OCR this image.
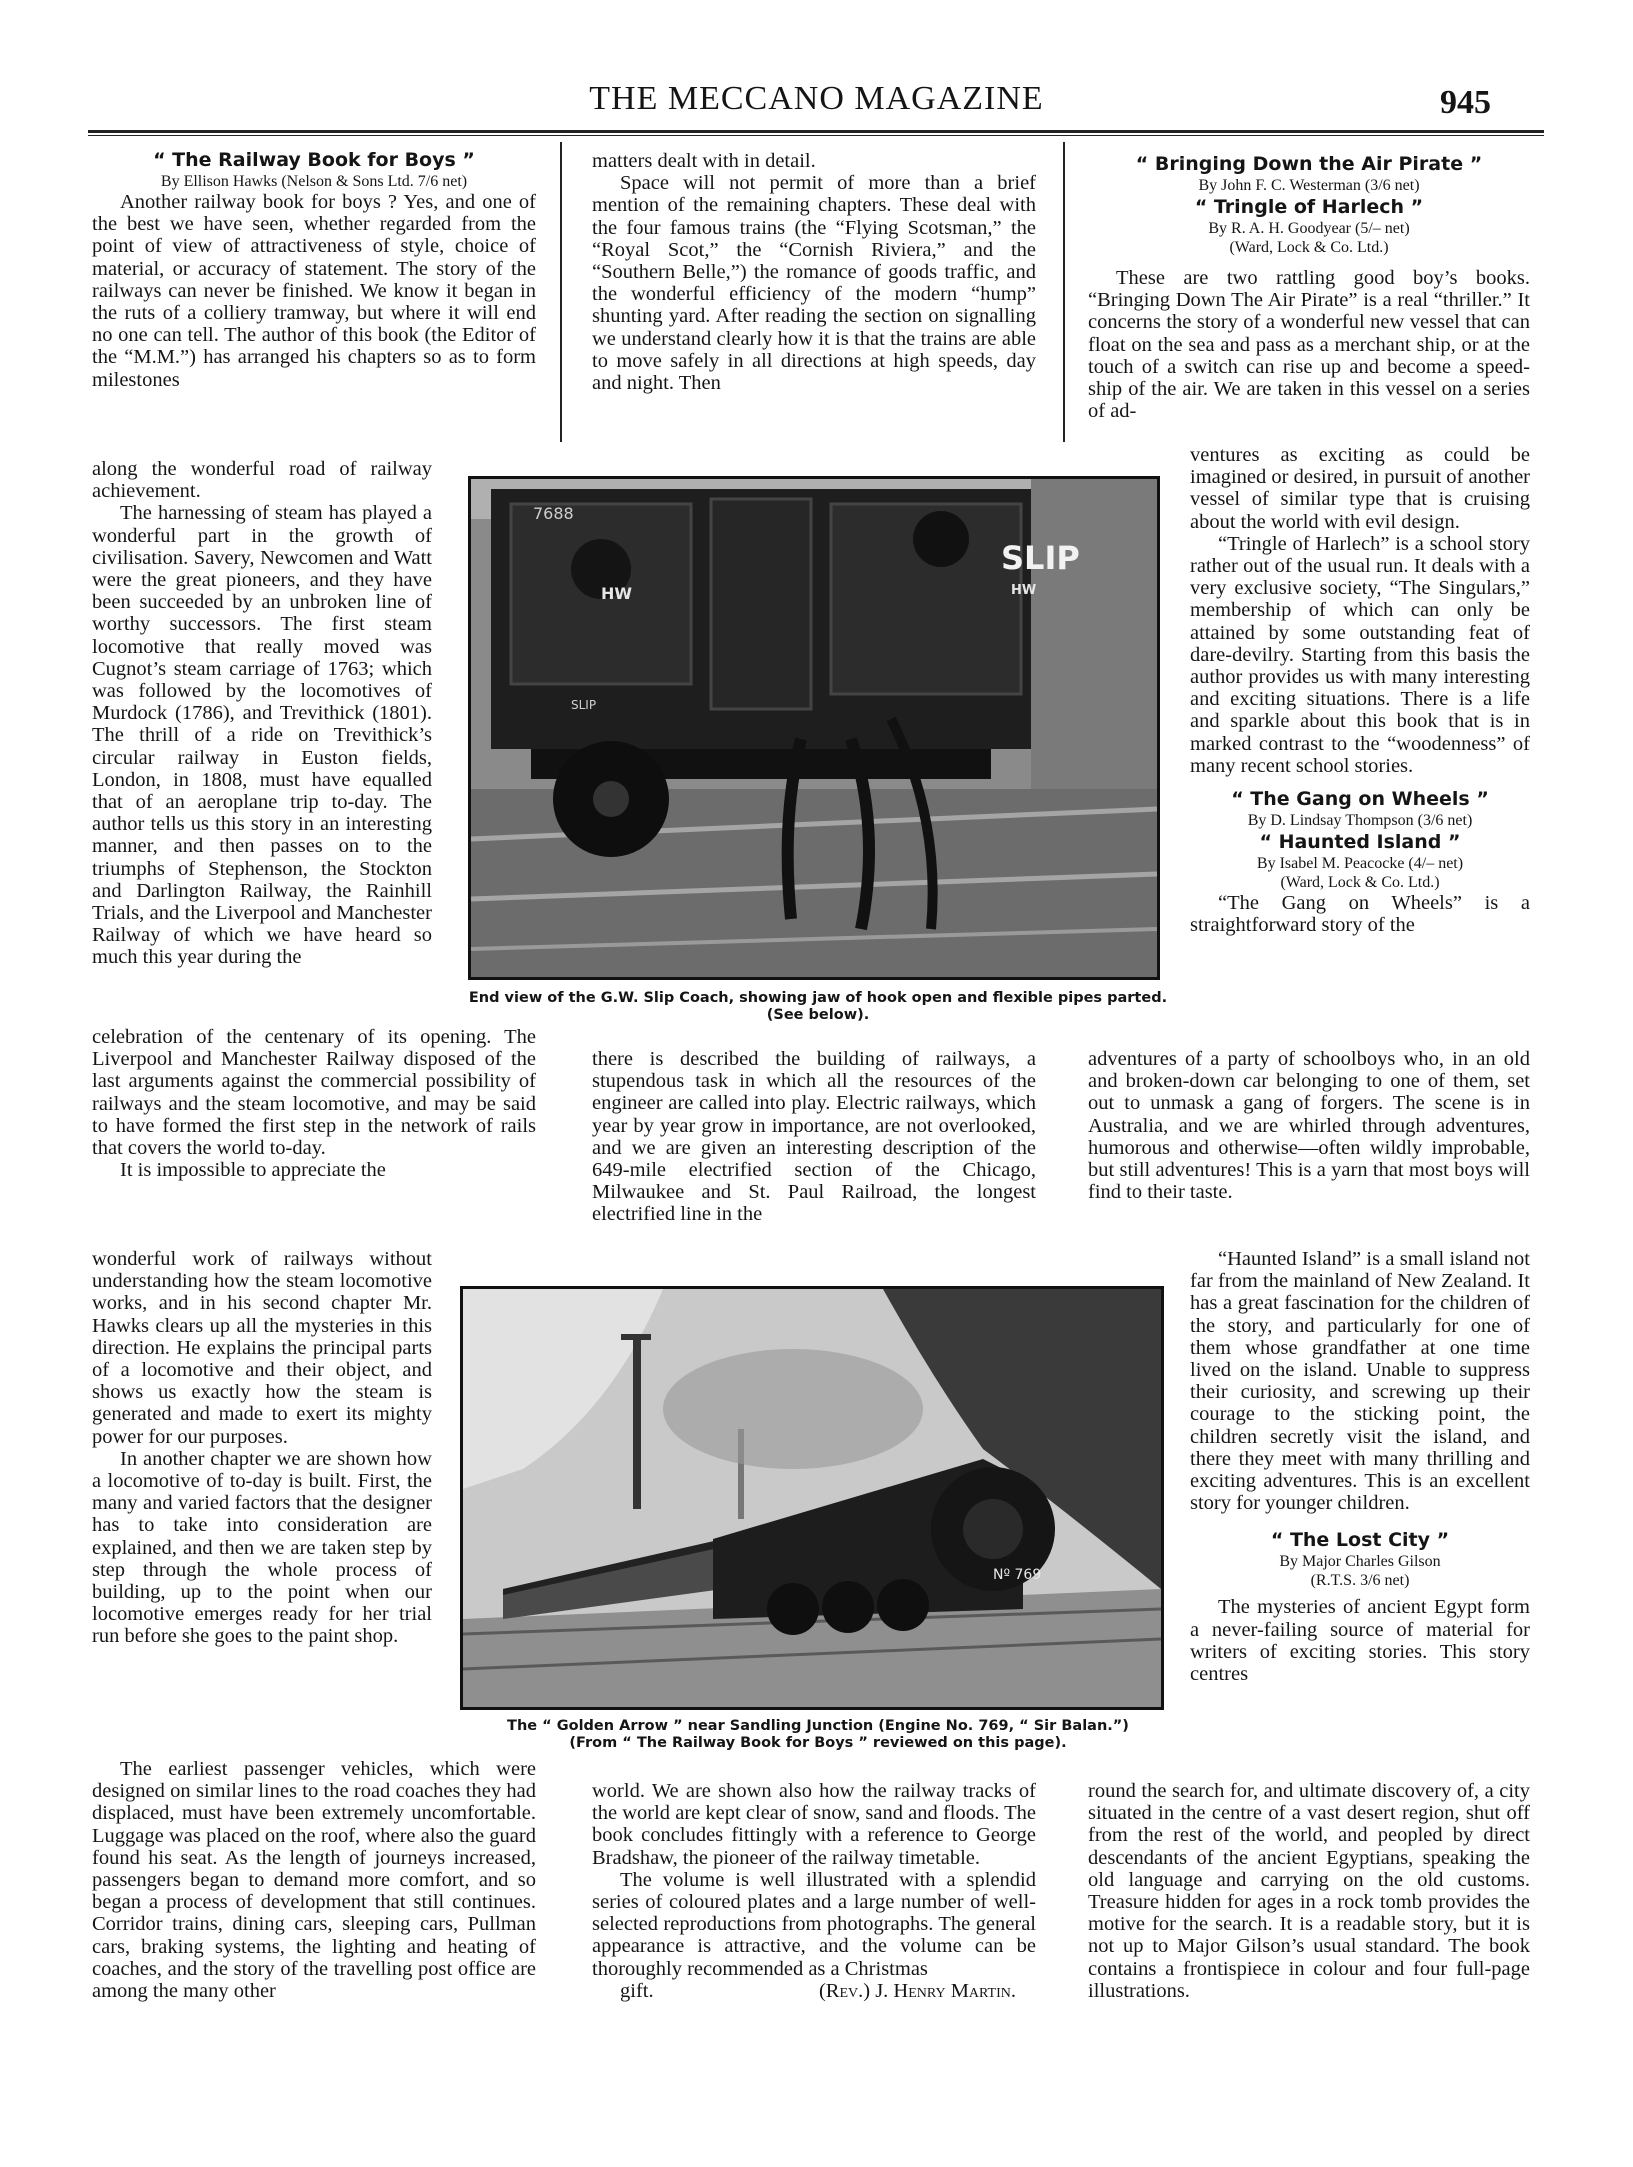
THE MECCANO MAGAZINE	945

“ The Railway Book for Boys ”

By Ellison Hawks (Nelson & Sons Ltd. 7/6 net)

Another railway book for boys ? Yes, and one of the best we have seen, whether regarded from the point of view of attractiveness of style, choice of material, or accuracy of statement. The story of the railways can never be finished. We know it began in the ruts of a colliery tramway, but where it will end no one can tell. The author of this book (the Editor of the “M.M.”) has arranged his chapters so as to form milestones

along the wonderful road of railway achievement.

The harnessing of steam has played a wonderful part in the growth of civilisation. Savery, Newcomen and Watt were the great pioneers, and they have been succeeded by an unbroken line of worthy successors. The first steam locomotive that really moved was Cugnot’s steam carriage of 1763; which was followed by the locomotives of Murdock (1786), and Trevithick (1801). The thrill of a ride on Trevithick’s circular railway in Euston fields, London, in 1808, must have equalled that of an aeroplane trip to-day. The author tells us this story in an interesting manner, and then passes on to the triumphs of Stephenson, the Stockton and Darlington Railway, the Rainhill Trials, and the Liverpool and Manchester Railway of which we have heard so much this year during the

celebration of the centenary of its opening. The Liverpool and Manchester Railway disposed of the last arguments against the commercial possibility of railways and the steam locomotive, and may be said to have formed the first step in the network of rails that covers the world to-day.

It is impossible to appreciate the

wonderful work of railways without understanding how the steam locomotive works, and in his second chapter Mr. Hawks clears up all the mysteries in this direction. He explains the principal parts of a locomotive and their object, and shows us exactly how the steam is generated and made to exert its mighty power for our purposes.

In another chapter we are shown how a locomotive of to-day is built. First, the many and varied factors that the designer has to take into consideration are explained, and then we are taken step by step through the whole process of building, up to the point when our locomotive emerges ready for her trial run before she goes to the paint shop.

The earliest passenger vehicles, which were designed on similar lines to the road coaches they had displaced, must have been extremely uncomfortable. Luggage was placed on the roof, where also the guard found his seat. As the length of journeys increased, passengers began to demand more comfort, and so began a process of development that still continues. Corridor trains, dining cars, sleeping cars, Pullman cars, braking systems, the lighting and heating of coaches, and the story of the travelling post office are among the many other

matters dealt with in detail.

Space will not permit of more than a brief mention of the remaining chapters. These deal with the four famous trains (the “Flying Scotsman,” the “Royal Scot,” the “Cornish Riviera,” and the “Southern Belle,”) the romance of goods traffic, and the wonderful efficiency of the modern “hump” shunting yard. After reading the section on signalling we understand clearly how it is that the trains are able to move safely in all directions at high speeds, day and night. Then

there is described the building of railways, a stupendous task in which all the resources of the engineer are called into play. Electric railways, which year by year grow in importance, are not overlooked, and we are given an interesting description of the 649-mile electrified section of the Chicago, Milwaukee and St. Paul Railroad, the longest electrified line in the

world. We are shown also how the railway tracks of the world are kept clear of snow, sand and floods. The book concludes fittingly with a reference to George Bradshaw, the pioneer of the railway timetable.

The volume is well illustrated with a splendid series of coloured plates and a large number of well-selected reproductions from photographs. The general appearance is attractive, and the volume can be thoroughly recommended as a Christmas

gift.	(Rev.) J. Henry Martin.

“ Bringing Down the Air Pirate ”

By John F. C. Westerman (3/6 net)

“ Tringle of Harlech ”

By R. A. H. Goodyear (5/– net)

(Ward, Lock & Co. Ltd.)

These are two rattling good boy’s books. “Bringing Down The Air Pirate” is a real “thriller.” It concerns the story of a wonderful new vessel that can float on the sea and pass as a merchant ship, or at the touch of a switch can rise up and become a speed-ship of the air. We are taken in this vessel on a series of ad-

ventures as exciting as could be imagined or desired, in pursuit of another vessel of similar type that is cruising about the world with evil design.

“Tringle of Harlech” is a school story rather out of the usual run. It deals with a very exclusive society, “The Singulars,” membership of which can only be attained by some outstanding feat of dare-devilry. Starting from this basis the author provides us with many interesting and exciting situations. There is a life and sparkle about this book that is in marked contrast to the “woodenness” of many recent school stories.

“ The Gang on Wheels ”

By D. Lindsay Thompson (3/6 net)

“ Haunted Island ”

By Isabel M. Peacocke (4/– net)

(Ward, Lock & Co. Ltd.)

“The Gang on Wheels” is a straightforward story of the

adventures of a party of schoolboys who, in an old and broken-down car belonging to one of them, set out to unmask a gang of forgers. The scene is in Australia, and we are whirled through adventures, humorous and otherwise—often wildly improbable, but still adventures! This is a yarn that most boys will find to their taste.

“Haunted Island” is a small island not far from the mainland of New Zealand. It has a great fascination for the children of the story, and particularly for one of them whose grandfather at one time lived on the island. Unable to suppress their curiosity, and screwing up their courage to the sticking point, the children secretly visit the island, and there they meet with many thrilling and exciting adventures. This is an excellent story for younger children.

“ The Lost City ”

By Major Charles Gilson

(R.T.S. 3/6 net)

The mysteries of ancient Egypt form a never-failing source of material for writers of exciting stories. This story centres

round the search for, and ultimate discovery of, a city situated in the centre of a vast desert region, shut off from the rest of the world, and peopled by direct descendants of the ancient Egyptians, speaking the old language and carrying on the old customs. Treasure hidden for ages in a rock tomb provides the motive for the search. It is a readable story, but it is not up to Major Gilson’s usual standard. The book contains a frontispiece in colour and four full-page illustrations.

7688
HW	HW
SLIP
SLIP
End view of the G.W. Slip Coach, showing jaw of hook open and flexible pipes parted.
(See below).
Nº 769
The “ Golden Arrow ” near Sandling Junction (Engine No. 769, “ Sir Balan.”)
(From “ The Railway Book for Boys ” reviewed on this page).
